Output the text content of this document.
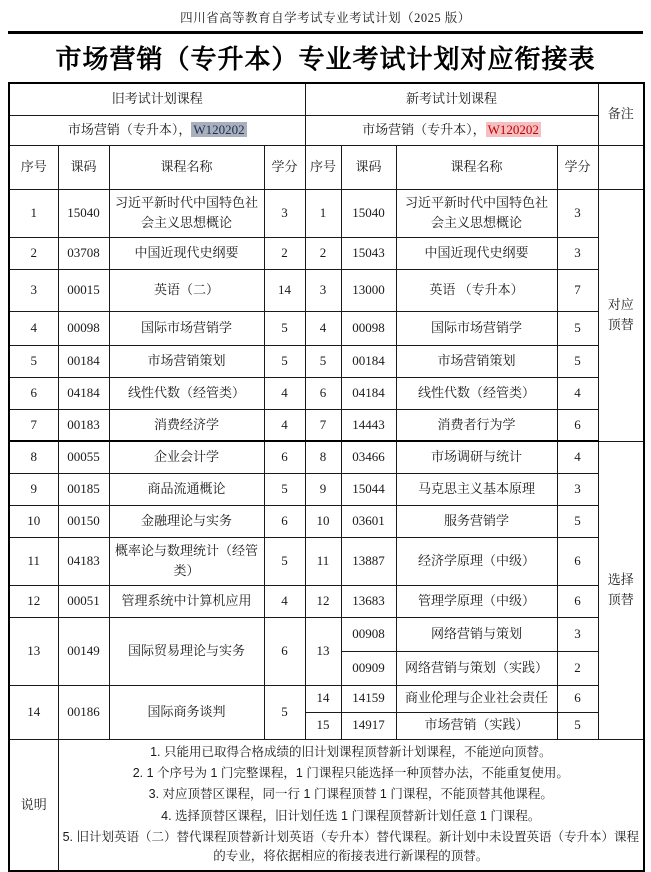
四川省高等教育自学考试专业考试计划（2025 版）
市场营销（专升本）专业考试计划对应衔接表
旧考试计划课程				新考试计划课程				备注
市场营销（专升本）， W120202				市场营销（专升本）， W120202				
序号	课码	课程名称	学分	序号	课码	课程名称	学分	
1	15040	习近平新时代中国特色社会主义思想概论	3	1	15040	习近平新时代中国特色社会主义思想概论	3	对应顶替
2	03708	中国近现代史纲要	2	2	15043	中国近现代史纲要	3	
3	00015	英语（二）	14	3	13000	英语 （专升本）	7	
4	00098	国际市场营销学	5	4	00098	国际市场营销学	5	
5	00184	市场营销策划	5	5	00184	市场营销策划	5	
6	04184	线性代数（经管类）	4	6	04184	线性代数（经管类）	4	
7	00183	消费经济学	4	7	14443	消费者行为学	6	
8	00055	企业会计学	6	8	03466	市场调研与统计	4	选择顶替
9	00185	商品流通概论	5	9	15044	马克思主义基本原理	3	
10	00150	金融理论与实务	6	10	03601	服务营销学	5	
11	04183	概率论与数理统计（经管类）	5	11	13887	经济学原理（中级）	6	
12	00051	管理系统中计算机应用	4	12	13683	管理学原理（中级）	6	
13	00149	国际贸易理论与实务	6	13	00908	网络营销与策划	3	
					00909	网络营销与策划（实践）	2	
14	00186	国际商务谈判	5	14	14159	商业伦理与企业社会责任	6	
				15	14917	市场营销（实践）	5	
说明	1. 只能用已取得合格成绩的旧计划课程顶替新计划课程，不能逆向顶替。
2. 1 个序号为 1 门完整课程，1 门课程只能选择一种顶替办法，不能重复使用。
3. 对应顶替区课程，同一行 1 门课程顶替 1 门课程，不能顶替其他课程。
4. 选择顶替区课程，旧计划任选 1 门课程顶替新计划任意 1 门课程。
5. 旧计划英语（二）替代课程顶替新计划英语（专升本）替代课程。新计划中未设置英语（专升本）课程的专业，将依据相应的衔接表进行新课程的顶替。							
